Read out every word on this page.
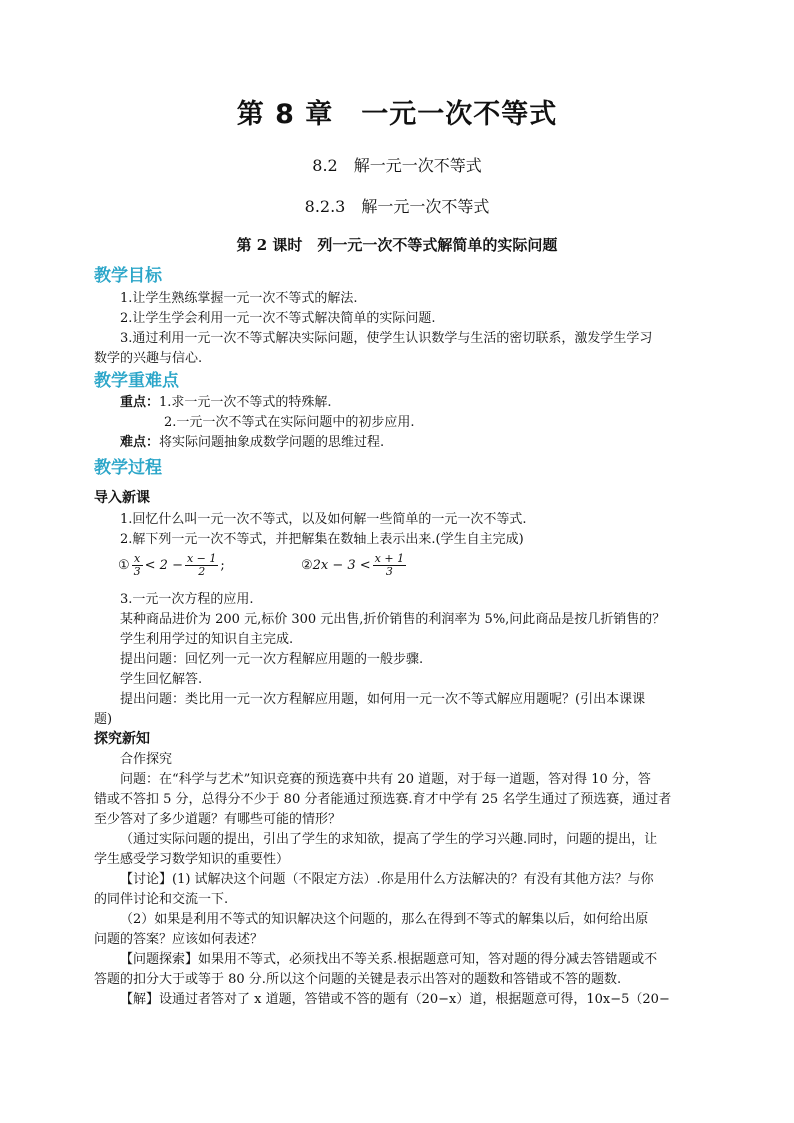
第 8 章　一元一次不等式
8.2　解一元一次不等式
8.2.3　解一元一次不等式
第 2 课时　列一元一次不等式解简单的实际问题
教学目标
1.让学生熟练掌握一元一次不等式的解法.
2.让学生学会利用一元一次不等式解决简单的实际问题.
3.通过利用一元一次不等式解决实际问题，使学生认识数学与生活的密切联系，激发学生学习
数学的兴趣与信心.
教学重难点
重点：1.求一元一次不等式的特殊解.
2.一元一次不等式在实际问题中的初步应用.
难点：将实际问题抽象成数学问题的思维过程.
教学过程
导入新课
1.回忆什么叫一元一次不等式，以及如何解一些简单的一元一次不等式.
2.解下列一元一次不等式，并把解集在数轴上表示出来.(学生自主完成)
① $\frac{x}{3} < 2 - \frac{x - 1}{2}$ ;	②2x − $3 < \frac{x + 1}{3}$
3.一元一次方程的应用.
某种商品进价为 200 元,标价 300 元出售,折价销售的利润率为 5%,问此商品是按几折销售的？
学生利用学过的知识自主完成.
提出问题：回忆列一元一次方程解应用题的一般步骤.
学生回忆解答.
提出问题：类比用一元一次方程解应用题，如何用一元一次不等式解应用题呢？(引出本课课
题)
探究新知
合作探究
问题：在“科学与艺术”知识竞赛的预选赛中共有 20 道题，对于每一道题，答对得 10 分，答
错或不答扣 5 分，总得分不少于 80 分者能通过预选赛.育才中学有 25 名学生通过了预选赛，通过者
至少答对了多少道题？有哪些可能的情形？
（通过实际问题的提出，引出了学生的求知欲，提高了学生的学习兴趣.同时，问题的提出，让
学生感受学习数学知识的重要性）
【讨论】(1) 试解决这个问题（不限定方法）.你是用什么方法解决的？有没有其他方法？与你
的同伴讨论和交流一下.
（2）如果是利用不等式的知识解决这个问题的，那么在得到不等式的解集以后，如何给出原
问题的答案？应该如何表述？
【问题探索】如果用不等式，必须找出不等关系.根据题意可知，答对题的得分减去答错题或不
答题的扣分大于或等于 80 分.所以这个问题的关键是表示出答对的题数和答错或不答的题数.
【解】设通过者答对了 x 道题，答错或不答的题有（20−x）道，根据题意可得，10x−5（20−
